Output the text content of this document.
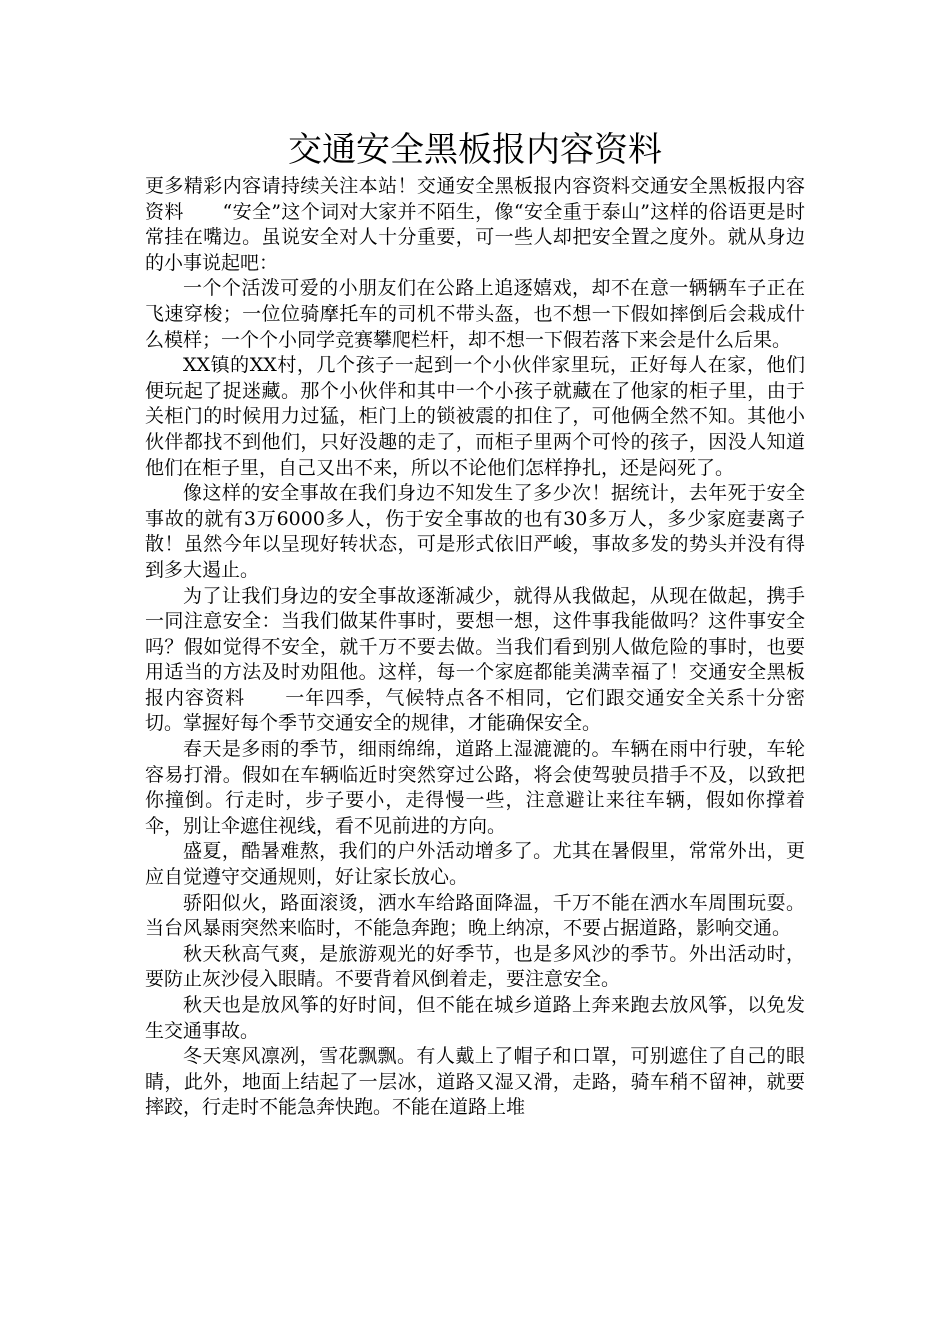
交通安全黑板报内容资料

更多精彩内容请持续关注本站！交通安全黑板报内容资料交通安全黑板报内容资料　　“安全”这个词对大家并不陌生，像“安全重于泰山”这样的俗语更是时常挂在嘴边。虽说安全对人十分重要，可一些人却把安全置之度外。就从身边的小事说起吧：

一个个活泼可爱的小朋友们在公路上追逐嬉戏，却不在意一辆辆车子正在飞速穿梭；一位位骑摩托车的司机不带头盔，也不想一下假如摔倒后会栽成什么模样；一个个小同学竞赛攀爬栏杆，却不想一下假若落下来会是什么后果。

XX镇的XX村，几个孩子一起到一个小伙伴家里玩，正好每人在家，他们便玩起了捉迷藏。那个小伙伴和其中一个小孩子就藏在了他家的柜子里，由于关柜门的时候用力过猛，柜门上的锁被震的扣住了，可他俩全然不知。其他小伙伴都找不到他们，只好没趣的走了，而柜子里两个可怜的孩子，因没人知道他们在柜子里，自己又出不来，所以不论他们怎样挣扎，还是闷死了。

像这样的安全事故在我们身边不知发生了多少次！据统计，去年死于安全事故的就有3万6000多人，伤于安全事故的也有30多万人，多少家庭妻离子散！虽然今年以呈现好转状态，可是形式依旧严峻，事故多发的势头并没有得到多大遏止。

为了让我们身边的安全事故逐渐减少，就得从我做起，从现在做起，携手一同注意安全：当我们做某件事时，要想一想，这件事我能做吗？这件事安全吗？假如觉得不安全，就千万不要去做。当我们看到别人做危险的事时，也要用适当的方法及时劝阻他。这样，每一个家庭都能美满幸福了！交通安全黑板报内容资料　　一年四季，气候特点各不相同，它们跟交通安全关系十分密切。掌握好每个季节交通安全的规律，才能确保安全。

春天是多雨的季节，细雨绵绵，道路上湿漉漉的。车辆在雨中行驶，车轮容易打滑。假如在车辆临近时突然穿过公路，将会使驾驶员措手不及，以致把你撞倒。行走时，步子要小，走得慢一些，注意避让来往车辆，假如你撑着伞，别让伞遮住视线，看不见前进的方向。

盛夏，酷暑难熬，我们的户外活动增多了。尤其在暑假里，常常外出，更应自觉遵守交通规则，好让家长放心。

骄阳似火，路面滚烫，洒水车给路面降温，千万不能在洒水车周围玩耍。当台风暴雨突然来临时，不能急奔跑；晚上纳凉，不要占据道路，影响交通。

秋天秋高气爽，是旅游观光的好季节，也是多风沙的季节。外出活动时，要防止灰沙侵入眼睛。不要背着风倒着走，要注意安全。

秋天也是放风筝的好时间，但不能在城乡道路上奔来跑去放风筝，以免发生交通事故。

冬天寒风凛冽，雪花飘飘。有人戴上了帽子和口罩，可别遮住了自己的眼睛，此外，地面上结起了一层冰，道路又湿又滑，走路，骑车稍不留神，就要摔跤，行走时不能急奔快跑。不能在道路上堆
